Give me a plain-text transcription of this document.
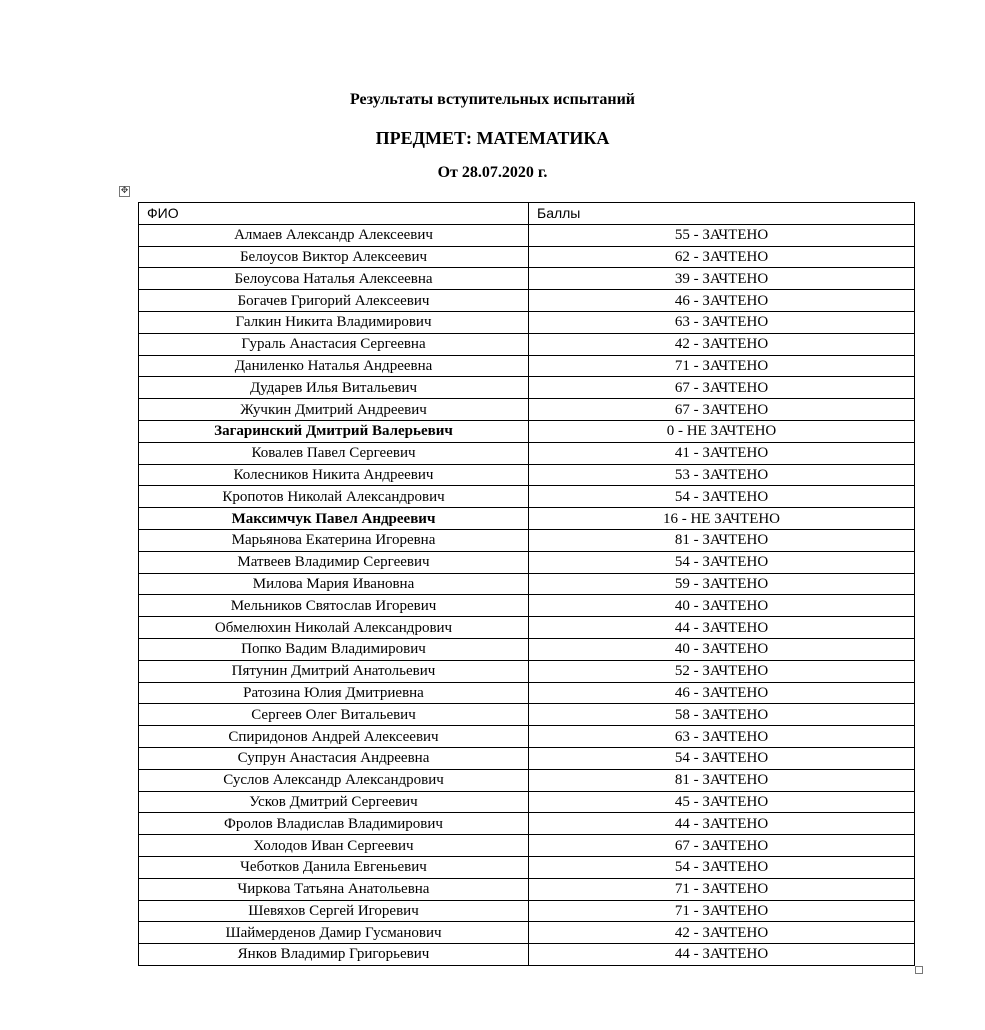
Результаты вступительных испытаний
ПРЕДМЕТ: МАТЕМАТИКА
От 28.07.2020 г.
✥
ФИО	Баллы
Алмаев Александр Алексеевич	55 - ЗАЧТЕНО
Белоусов Виктор Алексеевич	62 - ЗАЧТЕНО
Белоусова Наталья Алексеевна	39 - ЗАЧТЕНО
Богачев Григорий Алексеевич	46 - ЗАЧТЕНО
Галкин Никита Владимирович	63 - ЗАЧТЕНО
Гураль Анастасия Сергеевна	42 - ЗАЧТЕНО
Даниленко Наталья Андреевна	71 - ЗАЧТЕНО
Дударев Илья Витальевич	67 - ЗАЧТЕНО
Жучкин Дмитрий Андреевич	67 - ЗАЧТЕНО
Загаринский Дмитрий Валерьевич	0 - НЕ ЗАЧТЕНО
Ковалев Павел Сергеевич	41 - ЗАЧТЕНО
Колесников Никита Андреевич	53 - ЗАЧТЕНО
Кропотов Николай Александрович	54 - ЗАЧТЕНО
Максимчук Павел Андреевич	16 - НЕ ЗАЧТЕНО
Марьянова Екатерина Игоревна	81 - ЗАЧТЕНО
Матвеев Владимир Сергеевич	54 - ЗАЧТЕНО
Милова Мария Ивановна	59 - ЗАЧТЕНО
Мельников Святослав Игоревич	40 - ЗАЧТЕНО
Обмелюхин Николай Александрович	44 - ЗАЧТЕНО
Попко Вадим Владимирович	40 - ЗАЧТЕНО
Пятунин Дмитрий Анатольевич	52 - ЗАЧТЕНО
Ратозина Юлия Дмитриевна	46 - ЗАЧТЕНО
Сергеев Олег Витальевич	58 - ЗАЧТЕНО
Спиридонов Андрей Алексеевич	63 - ЗАЧТЕНО
Супрун Анастасия Андреевна	54 - ЗАЧТЕНО
Суслов Александр Александрович	81 - ЗАЧТЕНО
Усков Дмитрий Сергеевич	45 - ЗАЧТЕНО
Фролов Владислав Владимирович	44 - ЗАЧТЕНО
Холодов Иван Сергеевич	67 - ЗАЧТЕНО
Чеботков Данила Евгеньевич	54 - ЗАЧТЕНО
Чиркова Татьяна Анатольевна	71 - ЗАЧТЕНО
Шевяхов Сергей Игоревич	71 - ЗАЧТЕНО
Шаймерденов Дамир Гусманович	42 - ЗАЧТЕНО
Янков Владимир Григорьевич	44 - ЗАЧТЕНО
